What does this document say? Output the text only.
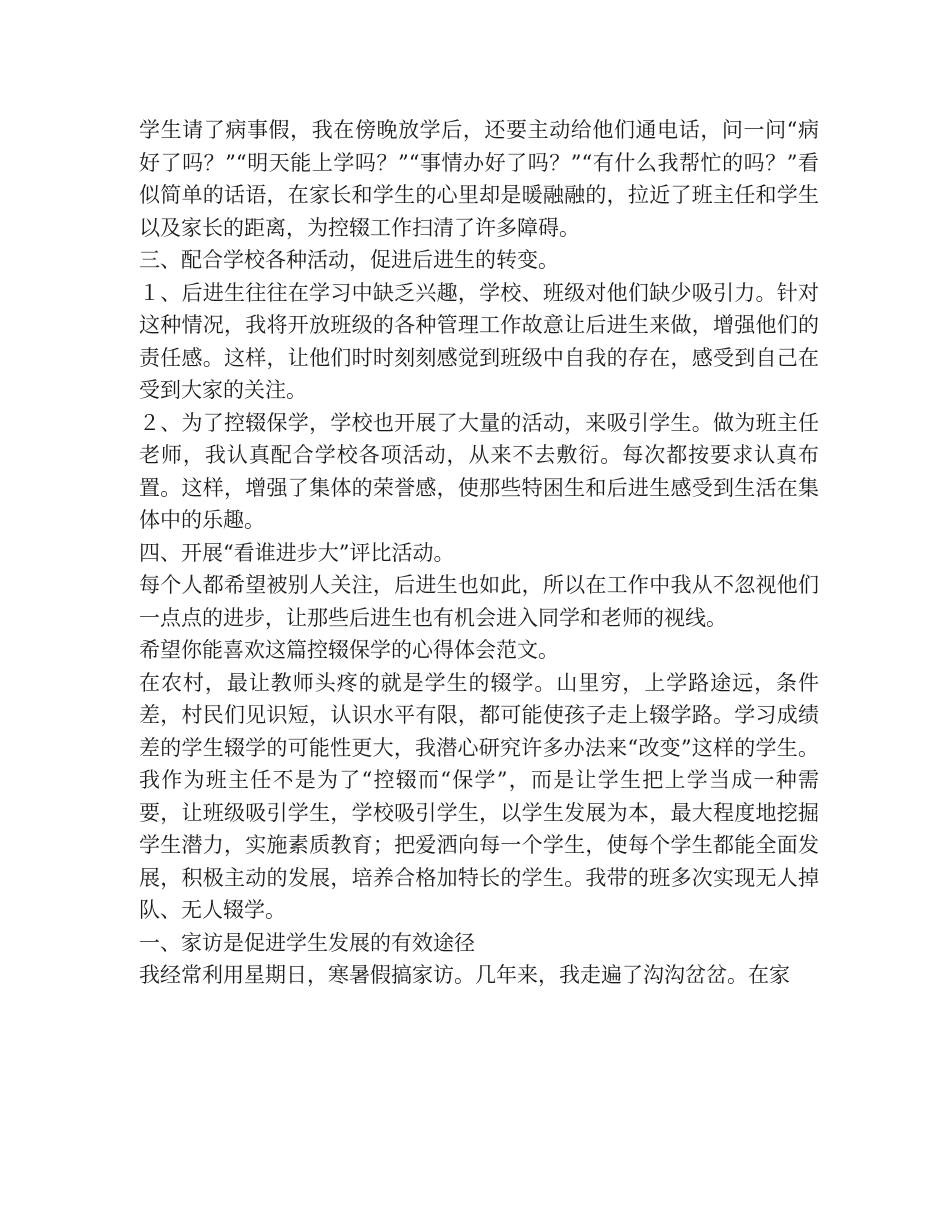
学生请了病事假，我在傍晚放学后，还要主动给他们通电话，问一问“病好了吗？”“明天能上学吗？”“事情办好了吗？”“有什么我帮忙的吗？”看似简单的话语，在家长和学生的心里却是暖融融的，拉近了班主任和学生以及家长的距离，为控辍工作扫清了许多障碍。

三、配合学校各种活动，促进后进生的转变。

１、后进生往往在学习中缺乏兴趣，学校、班级对他们缺少吸引力。针对这种情况，我将开放班级的各种管理工作故意让后进生来做，增强他们的责任感。这样，让他们时时刻刻感觉到班级中自我的存在，感受到自己在受到大家的关注。

２、为了控辍保学，学校也开展了大量的活动，来吸引学生。做为班主任老师，我认真配合学校各项活动，从来不去敷衍。每次都按要求认真布置。这样，增强了集体的荣誉感，使那些特困生和后进生感受到生活在集体中的乐趣。

四、开展“看谁进步大”评比活动。

每个人都希望被别人关注，后进生也如此，所以在工作中我从不忽视他们一点点的进步，让那些后进生也有机会进入同学和老师的视线。

希望你能喜欢这篇控辍保学的心得体会范文。

在农村，最让教师头疼的就是学生的辍学。山里穷，上学路途远，条件差，村民们见识短，认识水平有限，都可能使孩子走上辍学路。学习成绩差的学生辍学的可能性更大，我潜心研究许多办法来“改变”这样的学生。我作为班主任不是为了“控辍而“保学”，而是让学生把上学当成一种需要，让班级吸引学生，学校吸引学生，以学生发展为本，最大程度地挖掘学生潜力，实施素质教育；把爱洒向每一个学生，使每个学生都能全面发展，积极主动的发展，培养合格加特长的学生。我带的班多次实现无人掉队、无人辍学。

一、家访是促进学生发展的有效途径

我经常利用星期日，寒暑假搞家访。几年来，我走遍了沟沟岔岔。在家
